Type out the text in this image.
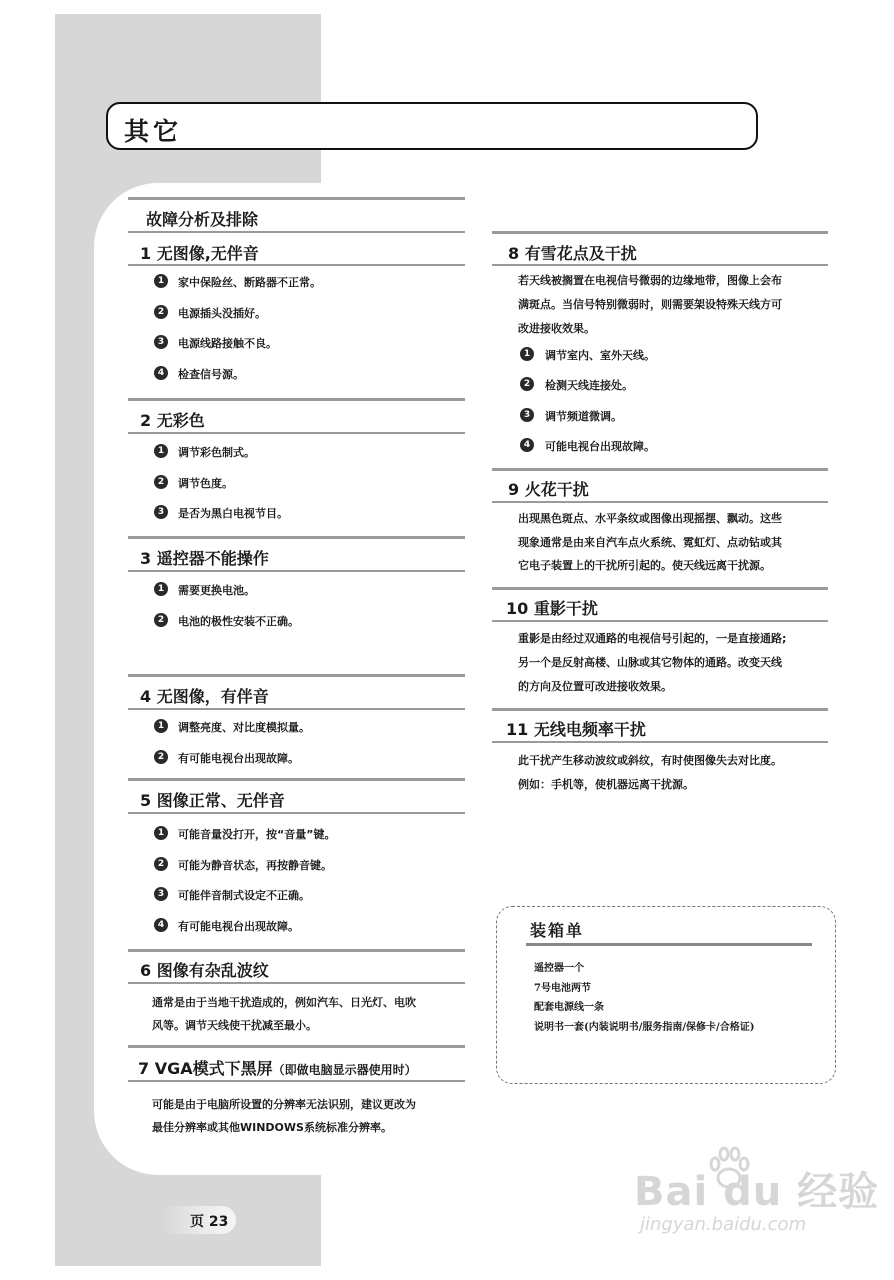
其它
故障分析及排除
1 无图像,无伴音
1	家中保险丝、断路器不正常。
2	电源插头没插好。
3	电源线路接触不良。
4	检查信号源。
2 无彩色
1	调节彩色制式。
2	调节色度。
3	是否为黑白电视节目。
3 遥控器不能操作
1	需要更换电池。
2	电池的极性安装不正确。
4 无图像，有伴音
1	调整亮度、对比度模拟量。
2	有可能电视台出现故障。
5 图像正常、无伴音
1	可能音量没打开，按“音量”键。
2	可能为静音状态，再按静音键。
3	可能伴音制式设定不正确。
4	有可能电视台出现故障。
6 图像有杂乱波纹
通常是由于当地干扰造成的，例如汽车、日光灯、电吹
风等。调节天线使干扰减至最小。
7 VGA模式下黑屏（即做电脑显示器使用时）
可能是由于电脑所设置的分辨率无法识别，建议更改为
最佳分辨率或其他WINDOWS系统标准分辨率。
8 有雪花点及干扰
若天线被搁置在电视信号微弱的边缘地带，图像上会布
满斑点。当信号特别微弱时，则需要架设特殊天线方可
改进接收效果。
1	调节室内、室外天线。
2	检测天线连接处。
3	调节频道微调。
4	可能电视台出现故障。
9 火花干扰
出现黑色斑点、水平条纹或图像出现摇摆、飘动。这些
现象通常是由来自汽车点火系统、霓虹灯、点动钻或其
它电子装置上的干扰所引起的。使天线远离干扰源。
10 重影干扰
重影是由经过双通路的电视信号引起的，一是直接通路;
另一个是反射高楼、山脉或其它物体的通路。改变天线
的方向及位置可改进接收效果。
11 无线电频率干扰
此干扰产生移动波纹或斜纹，有时使图像失去对比度。
例如：手机等，使机器远离干扰源。
装箱单
遥控器一个
7号电池两节
配套电源线一条
说明书一套(内装说明书/服务指南/保修卡/合格证)
页 23
Bai du 经验
jingyan.baidu.com
